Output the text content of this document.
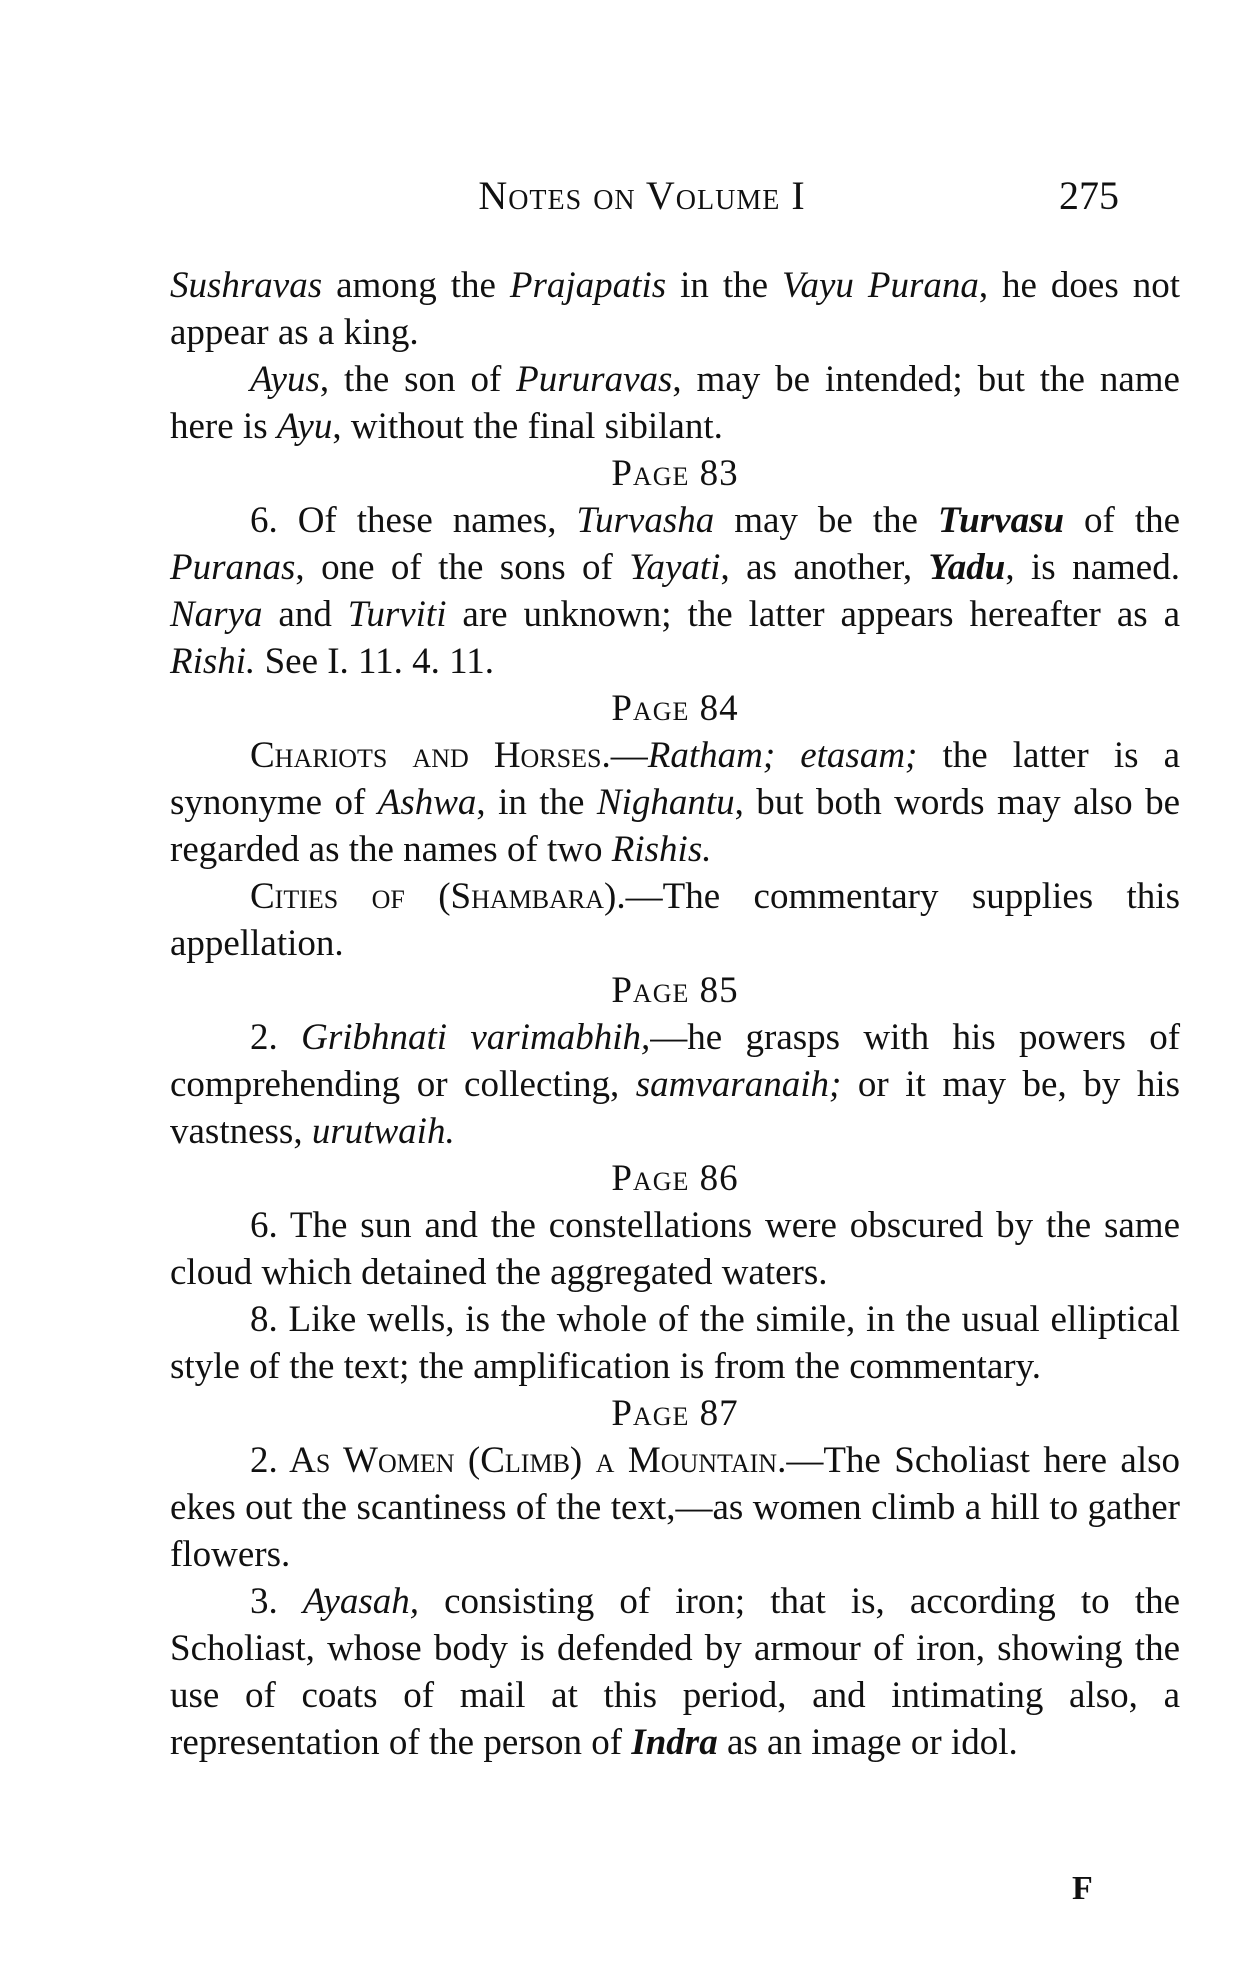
Notes on Volume I	275

Sushravas among the Prajapatis in the Vayu Purana, he does not appear as a king.

Ayus, the son of Pururavas, may be intended; but the name here is Ayu, without the final sibilant.

Page 83

6. Of these names, Turvasha may be the Turvasu of the Puranas, one of the sons of Yayati, as another, Yadu, is named. Narya and Turviti are unknown; the latter appears hereafter as a Rishi. See I. 11. 4. 11.

Page 84

Chariots and Horses.—Ratham; etasam; the latter is a synonyme of Ashwa, in the Nighantu, but both words may also be regarded as the names of two Rishis.

Cities of (Shambara).—The commentary supplies this appellation.

Page 85

2. Gribhnati varimabhih,—he grasps with his powers of comprehending or collecting, samvaranaih; or it may be, by his vastness, urutwaih.

Page 86

6. The sun and the constellations were obscured by the same cloud which detained the aggregated waters.

8. Like wells, is the whole of the simile, in the usual elliptical style of the text; the amplification is from the commentary.

Page 87

2. As Women (Climb) a Mountain.—The Scholiast here also ekes out the scantiness of the text,—as women climb a hill to gather flowers.

3. Ayasah, consisting of iron; that is, according to the Scholiast, whose body is defended by armour of iron, showing the use of coats of mail at this period, and intimating also, a representation of the person of Indra as an image or idol.

F
